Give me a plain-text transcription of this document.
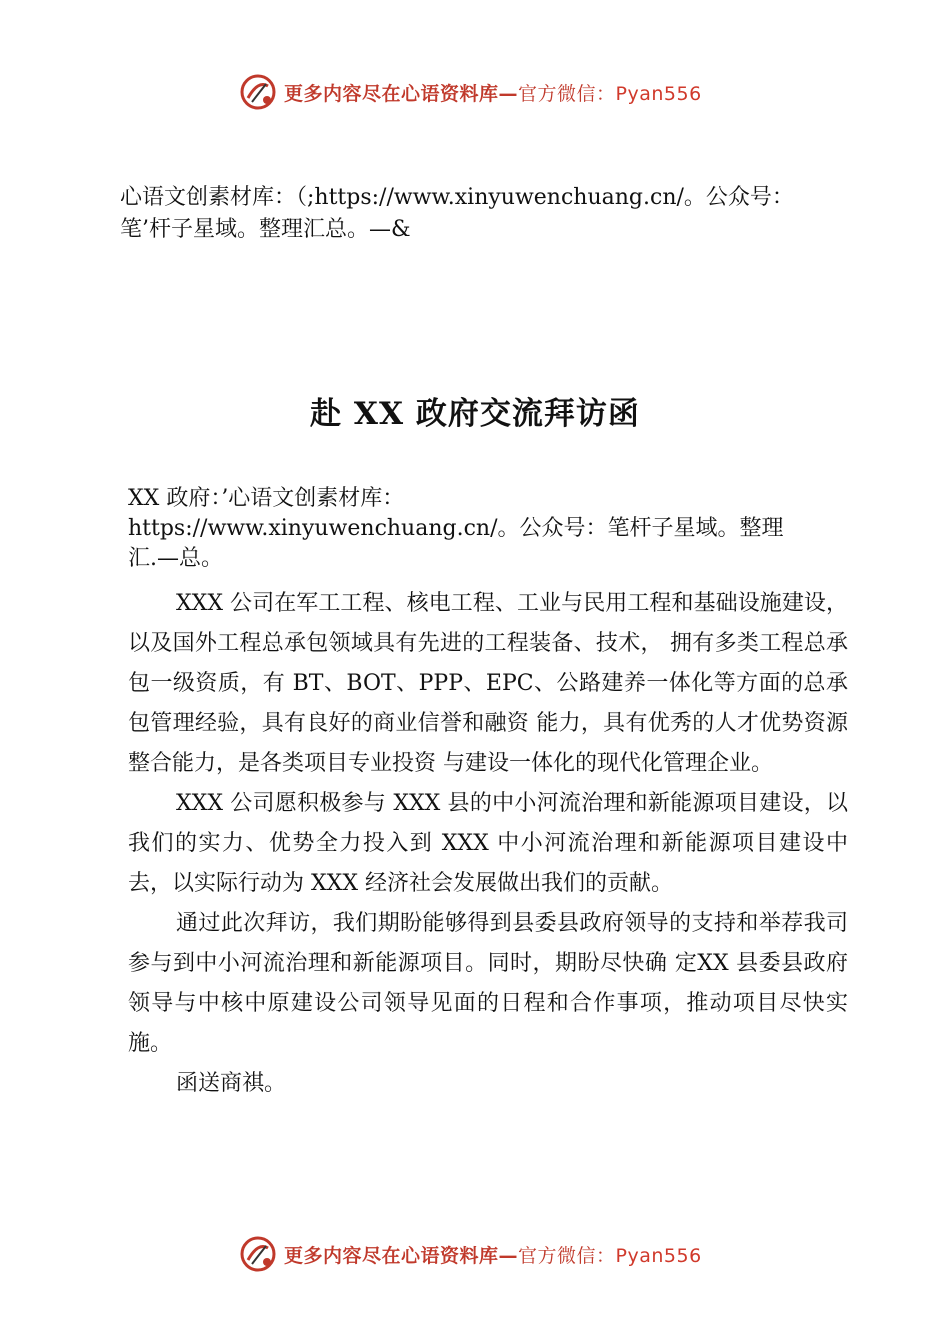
更多内容尽在心语资料库—官方微信：Pyan556
心语文创素材库：（;https://www.xinyuwenchuang.cn/。公众号：
笔’杆子星域。整理汇总。—&
赴 XX 政府交流拜访函

XX 政府：’心语文创素材库：

https://www.xinyuwenchuang.cn/。公众号：笔杆子星域。整理

汇.—总。

XXX 公司在军工工程、核电工程、工业与民用工程和基础设施建设，以及国外工程总承包领域具有先进的工程装备、技术， 拥有多类工程总承包一级资质，有 BT、BOT、PPP、EPC、公路建养一体化等方面的总承包管理经验，具有良好的商业信誉和融资 能力，具有优秀的人才优势资源整合能力，是各类项目专业投资 与建设一体化的现代化管理企业。

XXX 公司愿积极参与 XXX 县的中小河流治理和新能源项目建设，以我们的实力、优势全力投入到 XXX 中小河流治理和新能源项目建设中去，以实际行动为 XXX 经济社会发展做出我们的贡献。

通过此次拜访，我们期盼能够得到县委县政府领导的支持和举荐我司参与到中小河流治理和新能源项目。同时，期盼尽快确 定XX 县委县政府领导与中核中原建设公司领导见面的日程和合作事项，推动项目尽快实施。

函送商祺。

更多内容尽在心语资料库—官方微信：Pyan556
